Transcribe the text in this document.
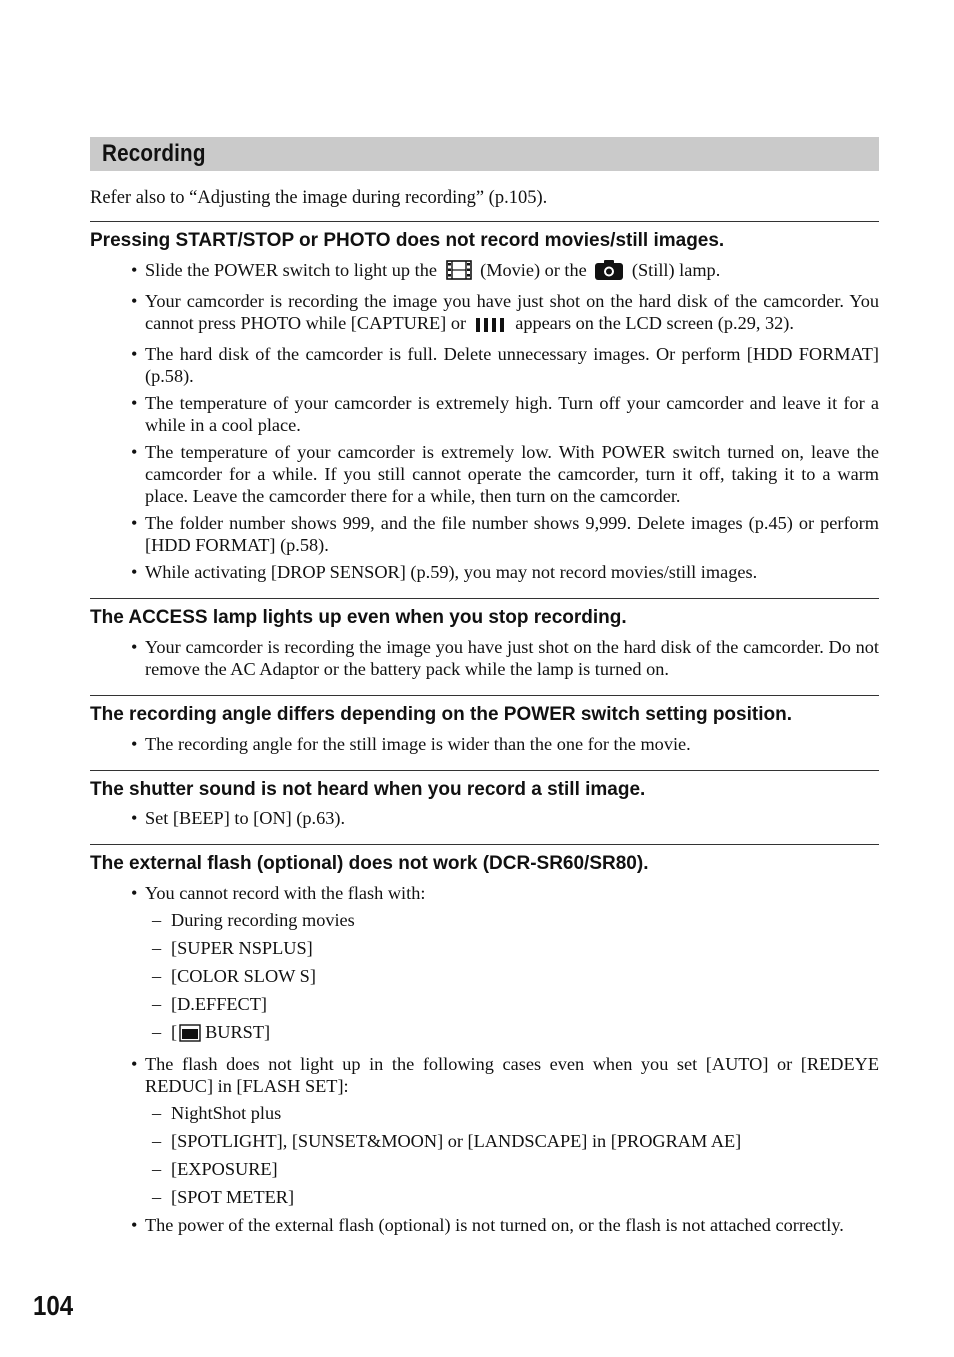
Recording

Refer also to “Adjusting the image during recording” (p.105).

Pressing START/STOP or PHOTO does not record movies/still images.

• Slide the POWER switch to light up the (Movie) or the (Still) lamp.
• Your camcorder is recording the image you have just shot on the hard disk of the camcorder. You cannot press PHOTO while [CAPTURE] or	appears on the LCD screen (p.29, 32).
• The hard disk of the camcorder is full. Delete unnecessary images. Or perform [HDD FORMAT] (p.58).
• The temperature of your camcorder is extremely high. Turn off your camcorder and leave it for a while in a cool place.
• The temperature of your camcorder is extremely low. With POWER switch turned on, leave the camcorder for a while. If you still cannot operate the camcorder, turn it off, taking it to a warm place. Leave the camcorder there for a while, then turn on the camcorder.
• The folder number shows 999, and the file number shows 9,999. Delete images (p.45) or perform [HDD FORMAT] (p.58).
• While activating [DROP SENSOR] (p.59), you may not record movies/still images.

The ACCESS lamp lights up even when you stop recording.

• Your camcorder is recording the image you have just shot on the hard disk of the camcorder. Do not remove the AC Adaptor or the battery pack while the lamp is turned on.

The recording angle differs depending on the POWER switch setting position.

• The recording angle for the still image is wider than the one for the movie.

The shutter sound is not heard when you record a still image.

• Set [BEEP] to [ON] (p.63).

The external flash (optional) does not work (DCR-SR60/SR80).

• You cannot record with the flash with:
– During recording movies
– [SUPER NSPLUS]
– [COLOR SLOW S]
– [D.EFFECT]
– [ BURST]
• The flash does not light up in the following cases even when you set [AUTO] or [REDEYE REDUC] in [FLASH SET]:
– NightShot plus
– [SPOTLIGHT], [SUNSET&MOON] or [LANDSCAPE] in [PROGRAM AE]
– [EXPOSURE]
– [SPOT METER]
• The power of the external flash (optional) is not turned on, or the flash is not attached correctly.
104
